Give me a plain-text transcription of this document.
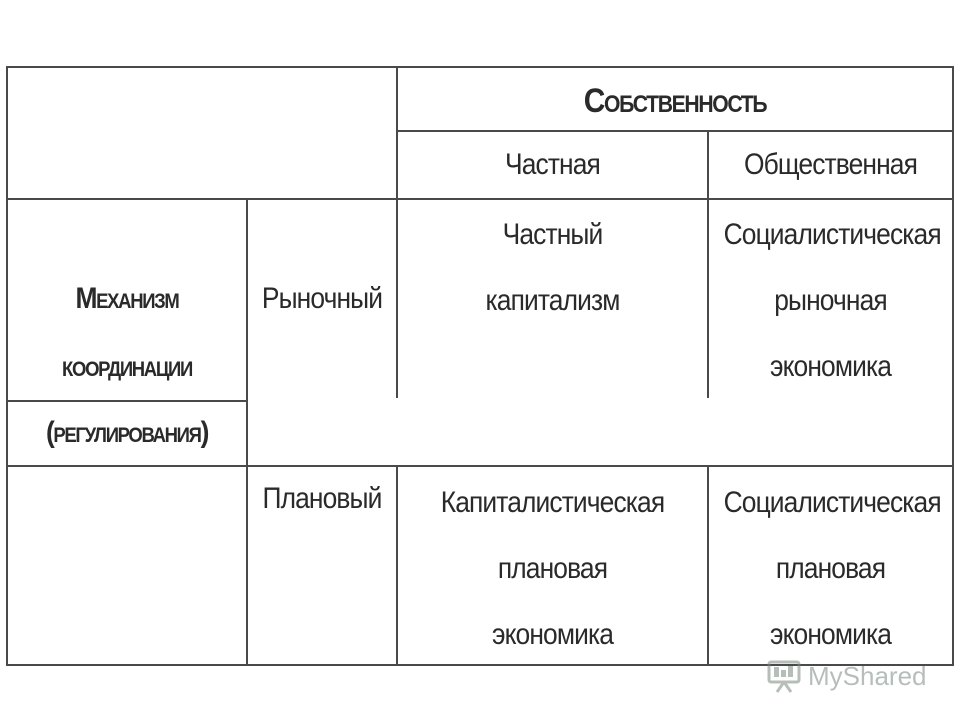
Собственность
Частная	Общественная
Механизм
координации
(регулирования)
Рыночный
Плановый
Частный
капитализм
Социалистическая
рыночная
экономика
Капиталистическая
плановая
экономика
Социалистическая
плановая
экономика
MyShared
